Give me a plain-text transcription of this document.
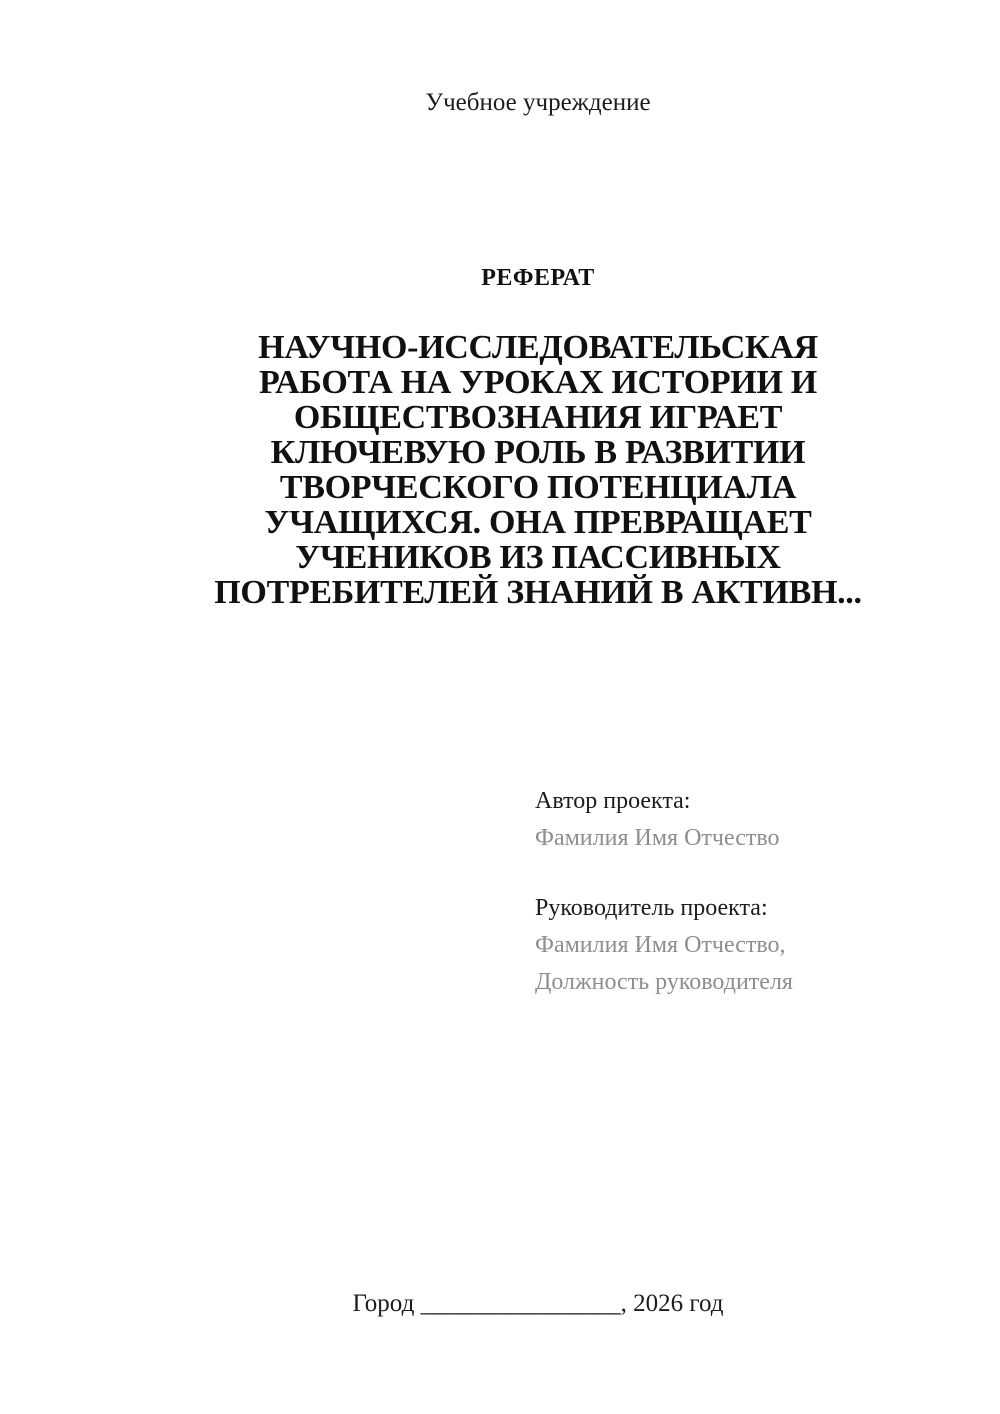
Учебное учреждение
РЕФЕРАТ
НАУЧНО-ИССЛЕДОВАТЕЛЬСКАЯ
РАБОТА НА УРОКАХ ИСТОРИИ И
ОБЩЕСТВОЗНАНИЯ ИГРАЕТ
КЛЮЧЕВУЮ РОЛЬ В РАЗВИТИИ
ТВОРЧЕСКОГО ПОТЕНЦИАЛА
УЧАЩИХСЯ. ОНА ПРЕВРАЩАЕТ
УЧЕНИКОВ ИЗ ПАССИВНЫХ
ПОТРЕБИТЕЛЕЙ ЗНАНИЙ В АКТИВН...
Автор проекта:
Фамилия Имя Отчество
Руководитель проекта:
Фамилия Имя Отчество,
Должность руководителя
Город ________________, 2026 год
